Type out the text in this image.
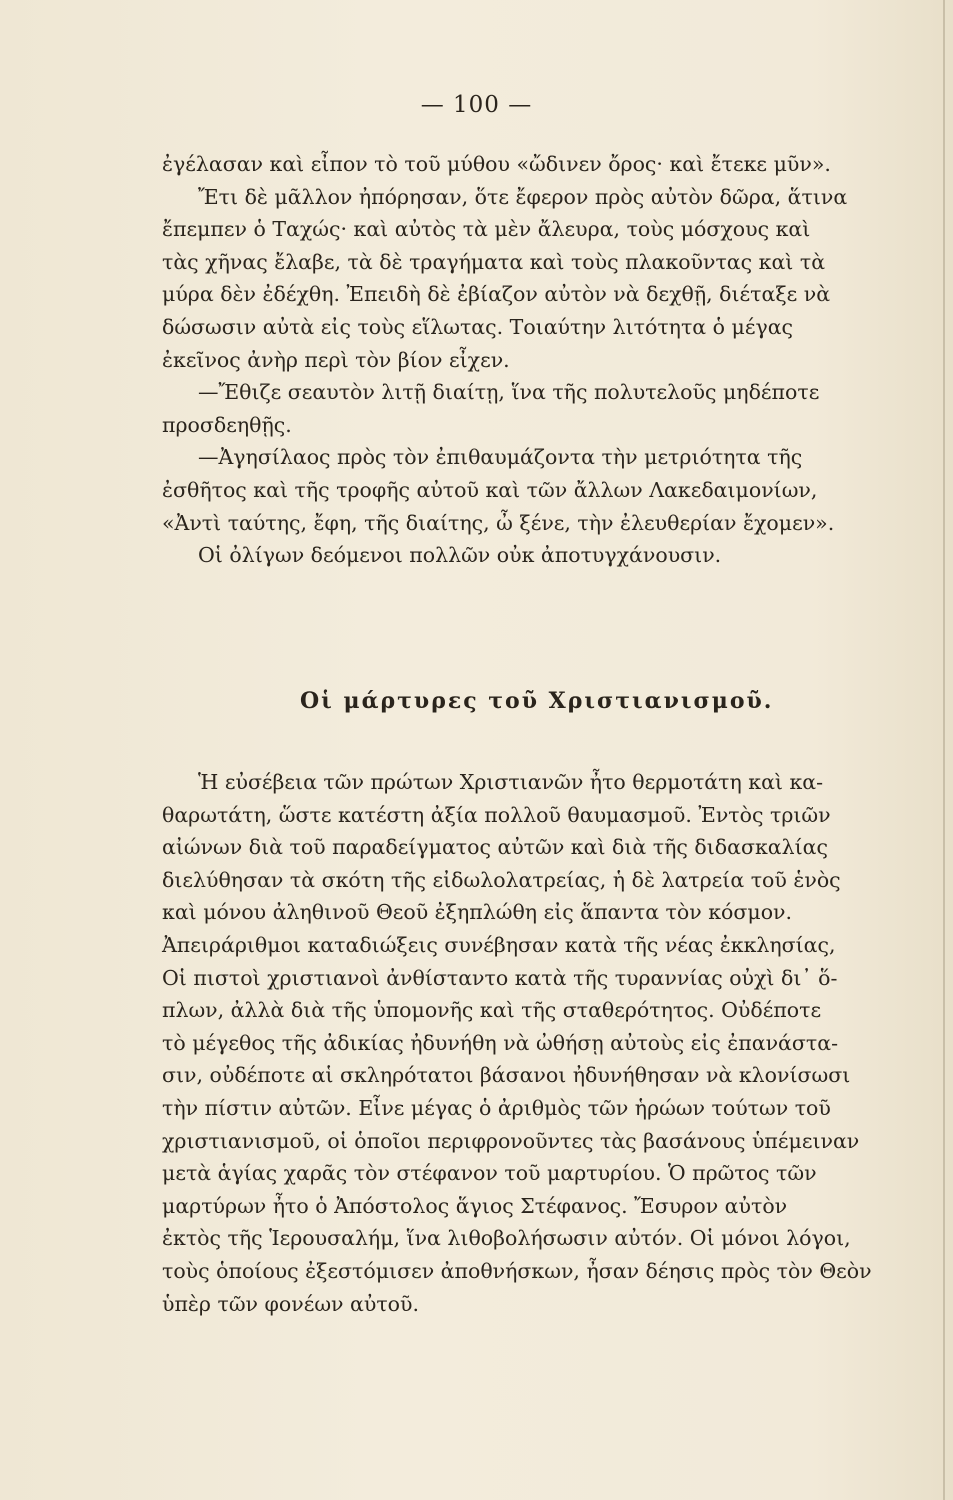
— 100 —
ἐγέλασαν καὶ εἶπον τὸ τοῦ μύθου «ὤδινεν ὄρος· καὶ ἔτεκε μῦν».
Ἔτι δὲ μᾶλλον ἠπόρησαν, ὅτε ἔφερον πρὸς αὐτὸν δῶρα, ἅτινα
ἔπεμπεν ὁ Ταχώς· καὶ αὐτὸς τὰ μὲν ἄλευρα, τοὺς μόσχους καὶ
τὰς χῆνας ἔλαβε, τὰ δὲ τραγήματα καὶ τοὺς πλακοῦντας καὶ τὰ
μύρα δὲν ἐδέχθη. Ἐπειδὴ δὲ ἐβίαζον αὐτὸν νὰ δεχθῇ, διέταξε νὰ
δώσωσιν αὐτὰ εἰς τοὺς εἵλωτας. Τοιαύτην λιτότητα ὁ μέγας
ἐκεῖνος ἀνὴρ περὶ τὸν βίον εἶχεν.
—Ἔθιζε σεαυτὸν λιτῇ διαίτῃ, ἵνα τῆς πολυτελοῦς μηδέποτε
προσδεηθῇς.
—Ἀγησίλαος πρὸς τὸν ἐπιθαυμάζοντα τὴν μετριότητα τῆς
ἐσθῆτος καὶ τῆς τροφῆς αὐτοῦ καὶ τῶν ἄλλων Λακεδαιμονίων,
«Ἀντὶ ταύτης, ἔφη, τῆς διαίτης, ὦ ξένε, τὴν ἐλευθερίαν ἔχομεν».
Οἱ ὀλίγων δεόμενοι πολλῶν οὐκ ἀποτυγχάνουσιν.
Οἱ μάρτυρες τοῦ Χριστιανισμοῦ.
Ἡ εὐσέβεια τῶν πρώτων Χριστιανῶν ἦτο θερμοτάτη καὶ κα-
θαρωτάτη, ὥστε κατέστη ἀξία πολλοῦ θαυμασμοῦ. Ἐντὸς τριῶν
αἰώνων διὰ τοῦ παραδείγματος αὐτῶν καὶ διὰ τῆς διδασκαλίας
διελύθησαν τὰ σκότη τῆς εἰδωλολατρείας, ἡ δὲ λατρεία τοῦ ἑνὸς
καὶ μόνου ἀληθινοῦ Θεοῦ ἐξηπλώθη εἰς ἅπαντα τὸν κόσμον.
Ἀπειράριθμοι καταδιώξεις συνέβησαν κατὰ τῆς νέας ἐκκλησίας,
Οἱ πιστοὶ χριστιανοὶ ἀνθίσταντο κατὰ τῆς τυραννίας οὐχὶ δι᾽ ὅ-
πλων, ἀλλὰ διὰ τῆς ὑπομονῆς καὶ τῆς σταθερότητος. Οὐδέποτε
τὸ μέγεθος τῆς ἀδικίας ἠδυνήθη νὰ ὠθήσῃ αὐτοὺς εἰς ἐπανάστα-
σιν, οὐδέποτε αἱ σκληρότατοι βάσανοι ἠδυνήθησαν νὰ κλονίσωσι
τὴν πίστιν αὐτῶν. Εἶνε μέγας ὁ ἀριθμὸς τῶν ἡρώων τούτων τοῦ
χριστιανισμοῦ, οἱ ὁποῖοι περιφρονοῦντες τὰς βασάνους ὑπέμειναν
μετὰ ἁγίας χαρᾶς τὸν στέφανον τοῦ μαρτυρίου. Ὁ πρῶτος τῶν
μαρτύρων ἦτο ὁ Ἀπόστολος ἅγιος Στέφανος. Ἔσυρον αὐτὸν
ἐκτὸς τῆς Ἱερουσαλήμ, ἵνα λιθοβολήσωσιν αὐτόν. Οἱ μόνοι λόγοι,
τοὺς ὁποίους ἐξεστόμισεν ἀποθνήσκων, ἦσαν δέησις πρὸς τὸν Θεὸν
ὑπὲρ τῶν φονέων αὐτοῦ.
